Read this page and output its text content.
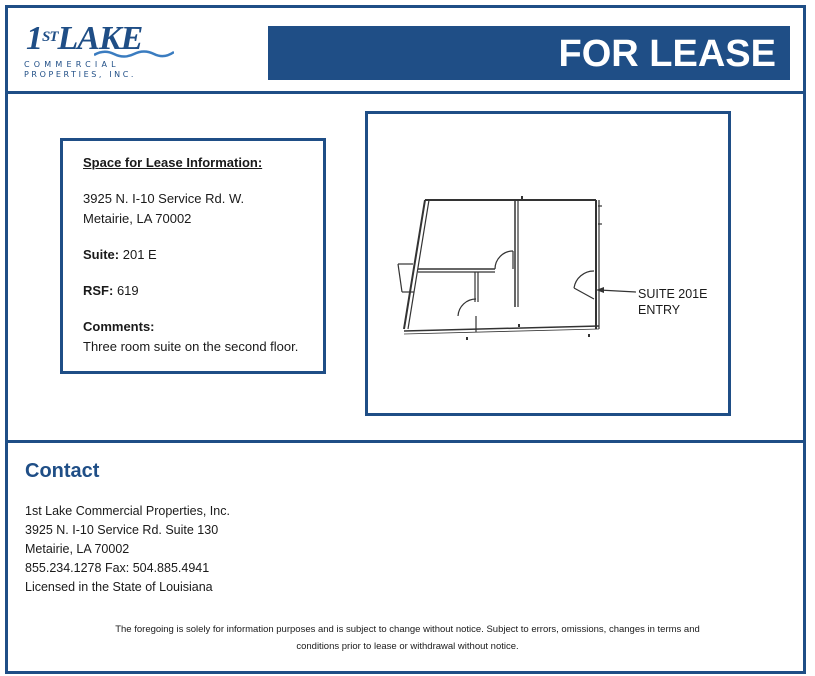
1STLAKE
COMMERCIAL
PROPERTIES, INC.	FOR LEASE

Space for Lease Information:

3925 N. I-10 Service Rd. W.

Metairie, LA 70002

Suite: 201 E

RSF: 619

Comments:

Three room suite on the second floor.

SUITE 201E
ENTRY
Contact

1st Lake Commercial Properties, Inc.

3925 N. I-10 Service Rd. Suite 130

Metairie, LA 70002

855.234.1278 Fax: 504.885.4941

Licensed in the State of Louisiana

The foregoing is solely for information purposes and is subject to change without notice. Subject to errors, omissions, changes in terms and

conditions prior to lease or withdrawal without notice.
